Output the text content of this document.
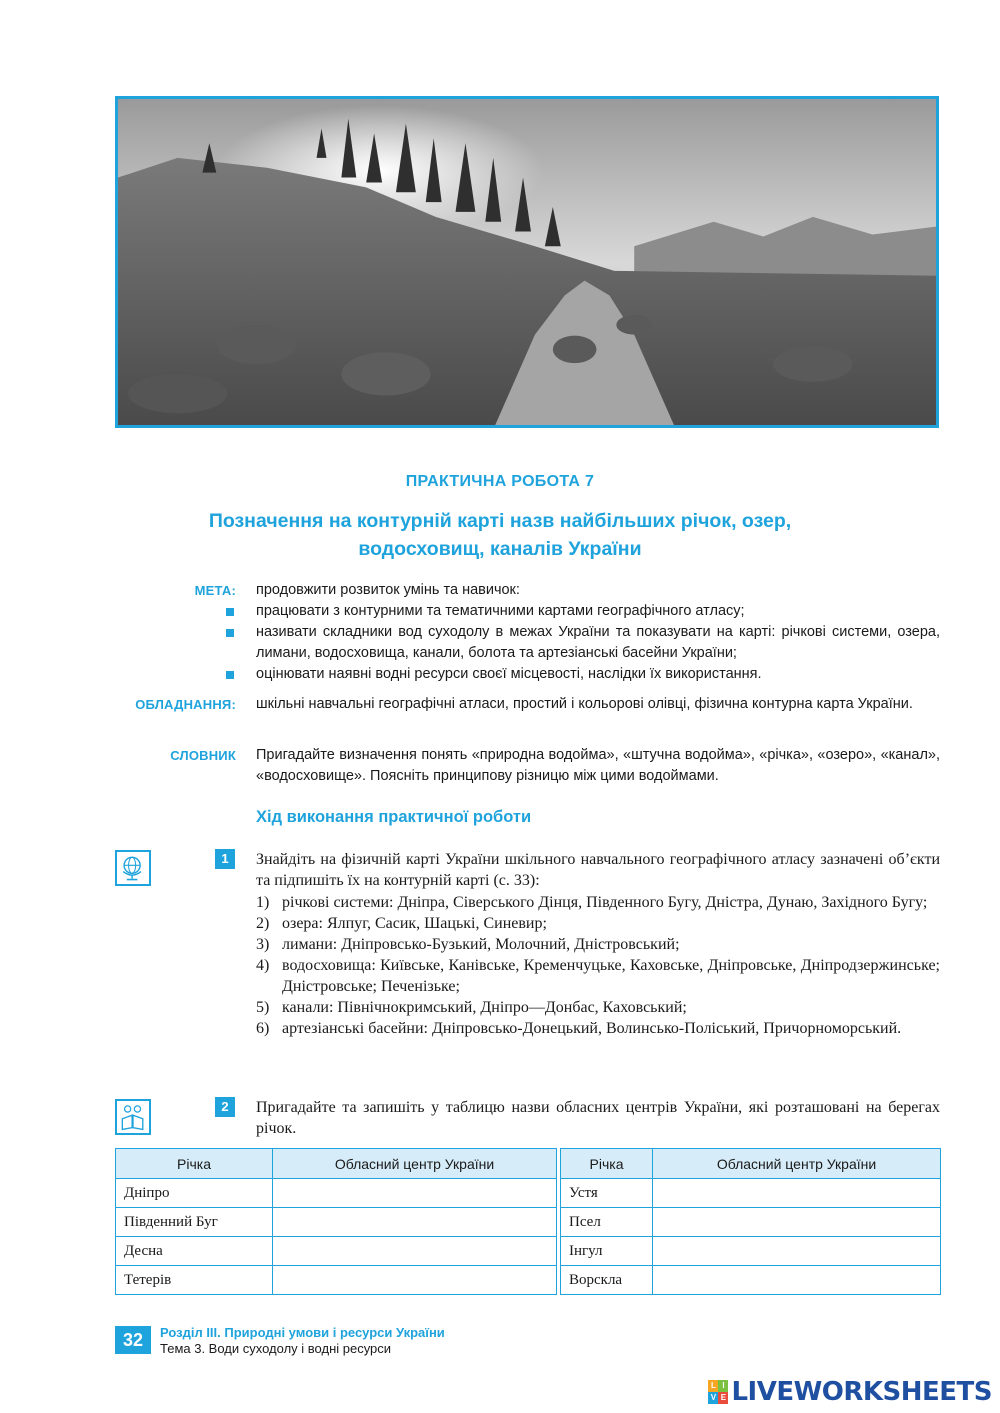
ПРАКТИЧНА РОБОТА 7
Позначення на контурній карті назв найбільших річок, озер, водосховищ, каналів України
МЕТА: продовжити розвиток умінь та навичок:
працювати з контурними та тематичними картами географічного атласу;
називати складники вод суходолу в межах України та показувати на карті: річкові системи, озера, лимани, водосховища, канали, болота та артезіанські басейни України;
оцінювати наявні водні ресурси своєї місцевості, наслідки їх використання.
ОБЛАДНАННЯ: шкільні навчальні географічні атласи, простий і кольорові олівці, фізична контурна карта України.
СЛОВНИК Пригадайте визначення понять «природна водойма», «штучна водойма», «річка», «озеро», «канал», «водосховище». Поясніть принципову різницю між цими водоймами.
Хід виконання практичної роботи
1	Знайдіть на фізичній карті України шкільного навчального географічного атласу зазначені об’єкти та підпишіть їх на контурній карті (с. 33):
1) річкові системи: Дніпра, Сіверського Дінця, Південного Бугу, Дністра, Дунаю, Західного Бугу;
2) озера: Ялпуг, Сасик, Шацькі, Синевир;
3) лимани: Дніпровсько-Бузький, Молочний, Дністровський;
4) водосховища: Київське, Канівське, Кременчуцьке, Каховське, Дніпровське, Дніпродзержинське; Дністровське; Печенізьке;
5) канали: Північнокримський, Дніпро—Донбас, Каховський;
6) артезіанські басейни: Дніпровсько-Донецький, Волинсько-Поліський, Причорноморський.
2	Пригадайте та запишіть у таблицю назви обласних центрів України, які розташовані на берегах річок.
Річка	Обласний центр України		Річка	Обласний центр України
Дніпро			Устя	
Південний Буг			Псел	
Десна			Інгул	
Тетерів			Ворскла	
32	Розділ III. Природні умови і ресурси України
Тема 3. Води суходолу і водні ресурси
L I
V E LIVEWORKSHEETS
